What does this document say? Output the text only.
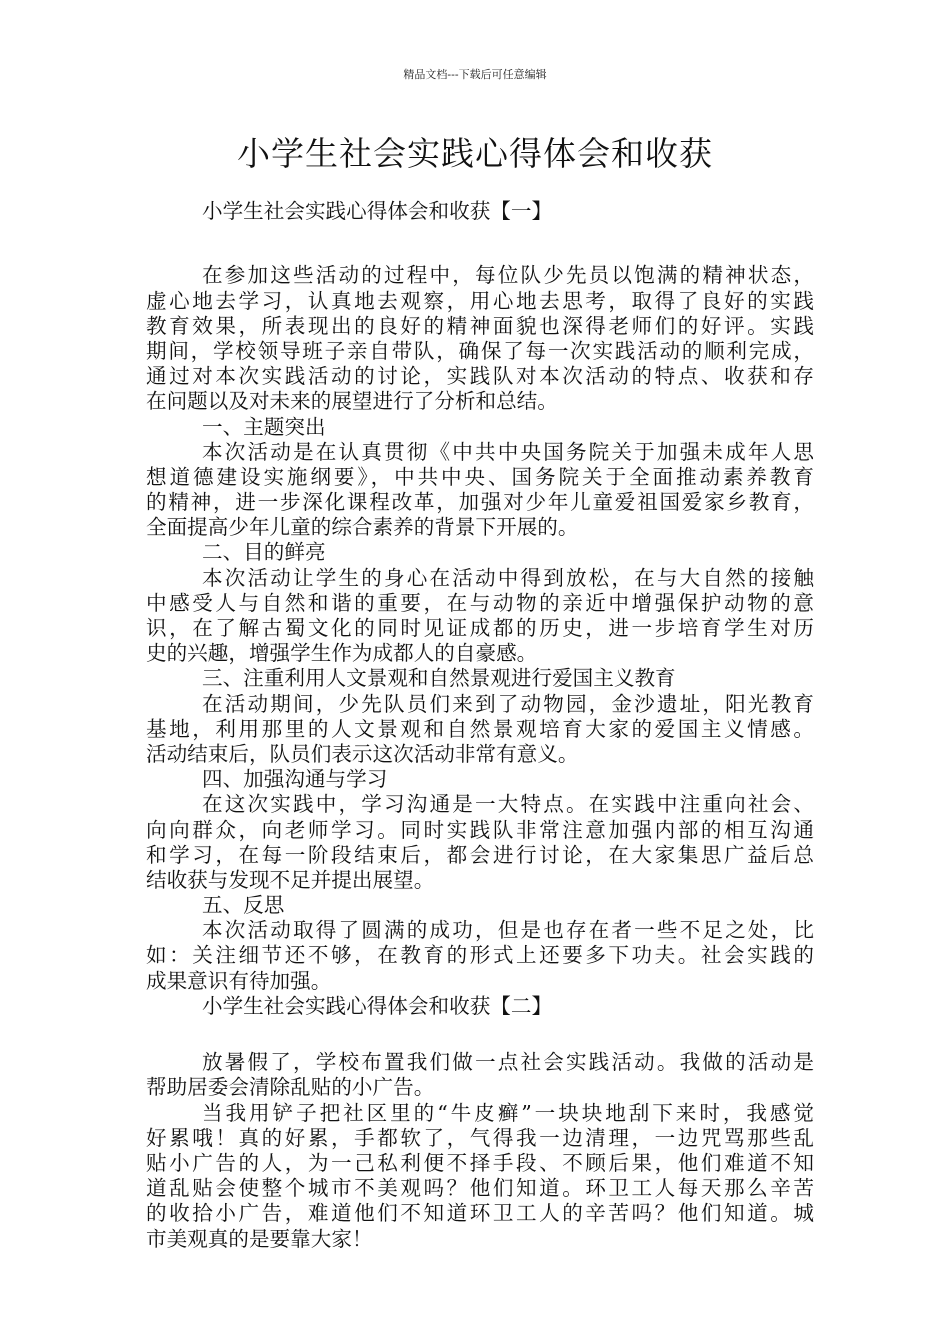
精品文档---下载后可任意编辑
小学生社会实践心得体会和收获
小学生社会实践心得体会和收获【一】
在参加这些活动的过程中，每位队少先员以饱满的精神状态，
虚心地去学习，认真地去观察，用心地去思考，取得了良好的实践
教育效果，所表现出的良好的精神面貌也深得老师们的好评。实践
期间，学校领导班子亲自带队，确保了每一次实践活动的顺利完成，
通过对本次实践活动的讨论，实践队对本次活动的特点、收获和存
在问题以及对未来的展望进行了分析和总结。
一、主题突出
本次活动是在认真贯彻《中共中央国务院关于加强未成年人思
想道德建设实施纲要》，中共中央、国务院关于全面推动素养教育
的精神，进一步深化课程改革，加强对少年儿童爱祖国爱家乡教育，
全面提高少年儿童的综合素养的背景下开展的。
二、目的鲜亮
本次活动让学生的身心在活动中得到放松，在与大自然的接触
中感受人与自然和谐的重要，在与动物的亲近中增强保护动物的意
识，在了解古蜀文化的同时见证成都的历史，进一步培育学生对历
史的兴趣，增强学生作为成都人的自豪感。
三、注重利用人文景观和自然景观进行爱国主义教育
在活动期间，少先队员们来到了动物园，金沙遗址，阳光教育
基地，利用那里的人文景观和自然景观培育大家的爱国主义情感。
活动结束后，队员们表示这次活动非常有意义。
四、加强沟通与学习
在这次实践中，学习沟通是一大特点。在实践中注重向社会、
向向群众，向老师学习。同时实践队非常注意加强内部的相互沟通
和学习，在每一阶段结束后，都会进行讨论，在大家集思广益后总
结收获与发现不足并提出展望。
五、反思
本次活动取得了圆满的成功，但是也存在者一些不足之处，比
如：关注细节还不够，在教育的形式上还要多下功夫。社会实践的
成果意识有待加强。
小学生社会实践心得体会和收获【二】
放暑假了，学校布置我们做一点社会实践活动。我做的活动是
帮助居委会清除乱贴的小广告。
当我用铲子把社区里的“牛皮癣”一块块地刮下来时，我感觉
好累哦！真的好累，手都软了，气得我一边清理，一边咒骂那些乱
贴小广告的人，为一己私利便不择手段、不顾后果，他们难道不知
道乱贴会使整个城市不美观吗？他们知道。环卫工人每天那么辛苦
的收拾小广告，难道他们不知道环卫工人的辛苦吗？他们知道。城
市美观真的是要靠大家！
